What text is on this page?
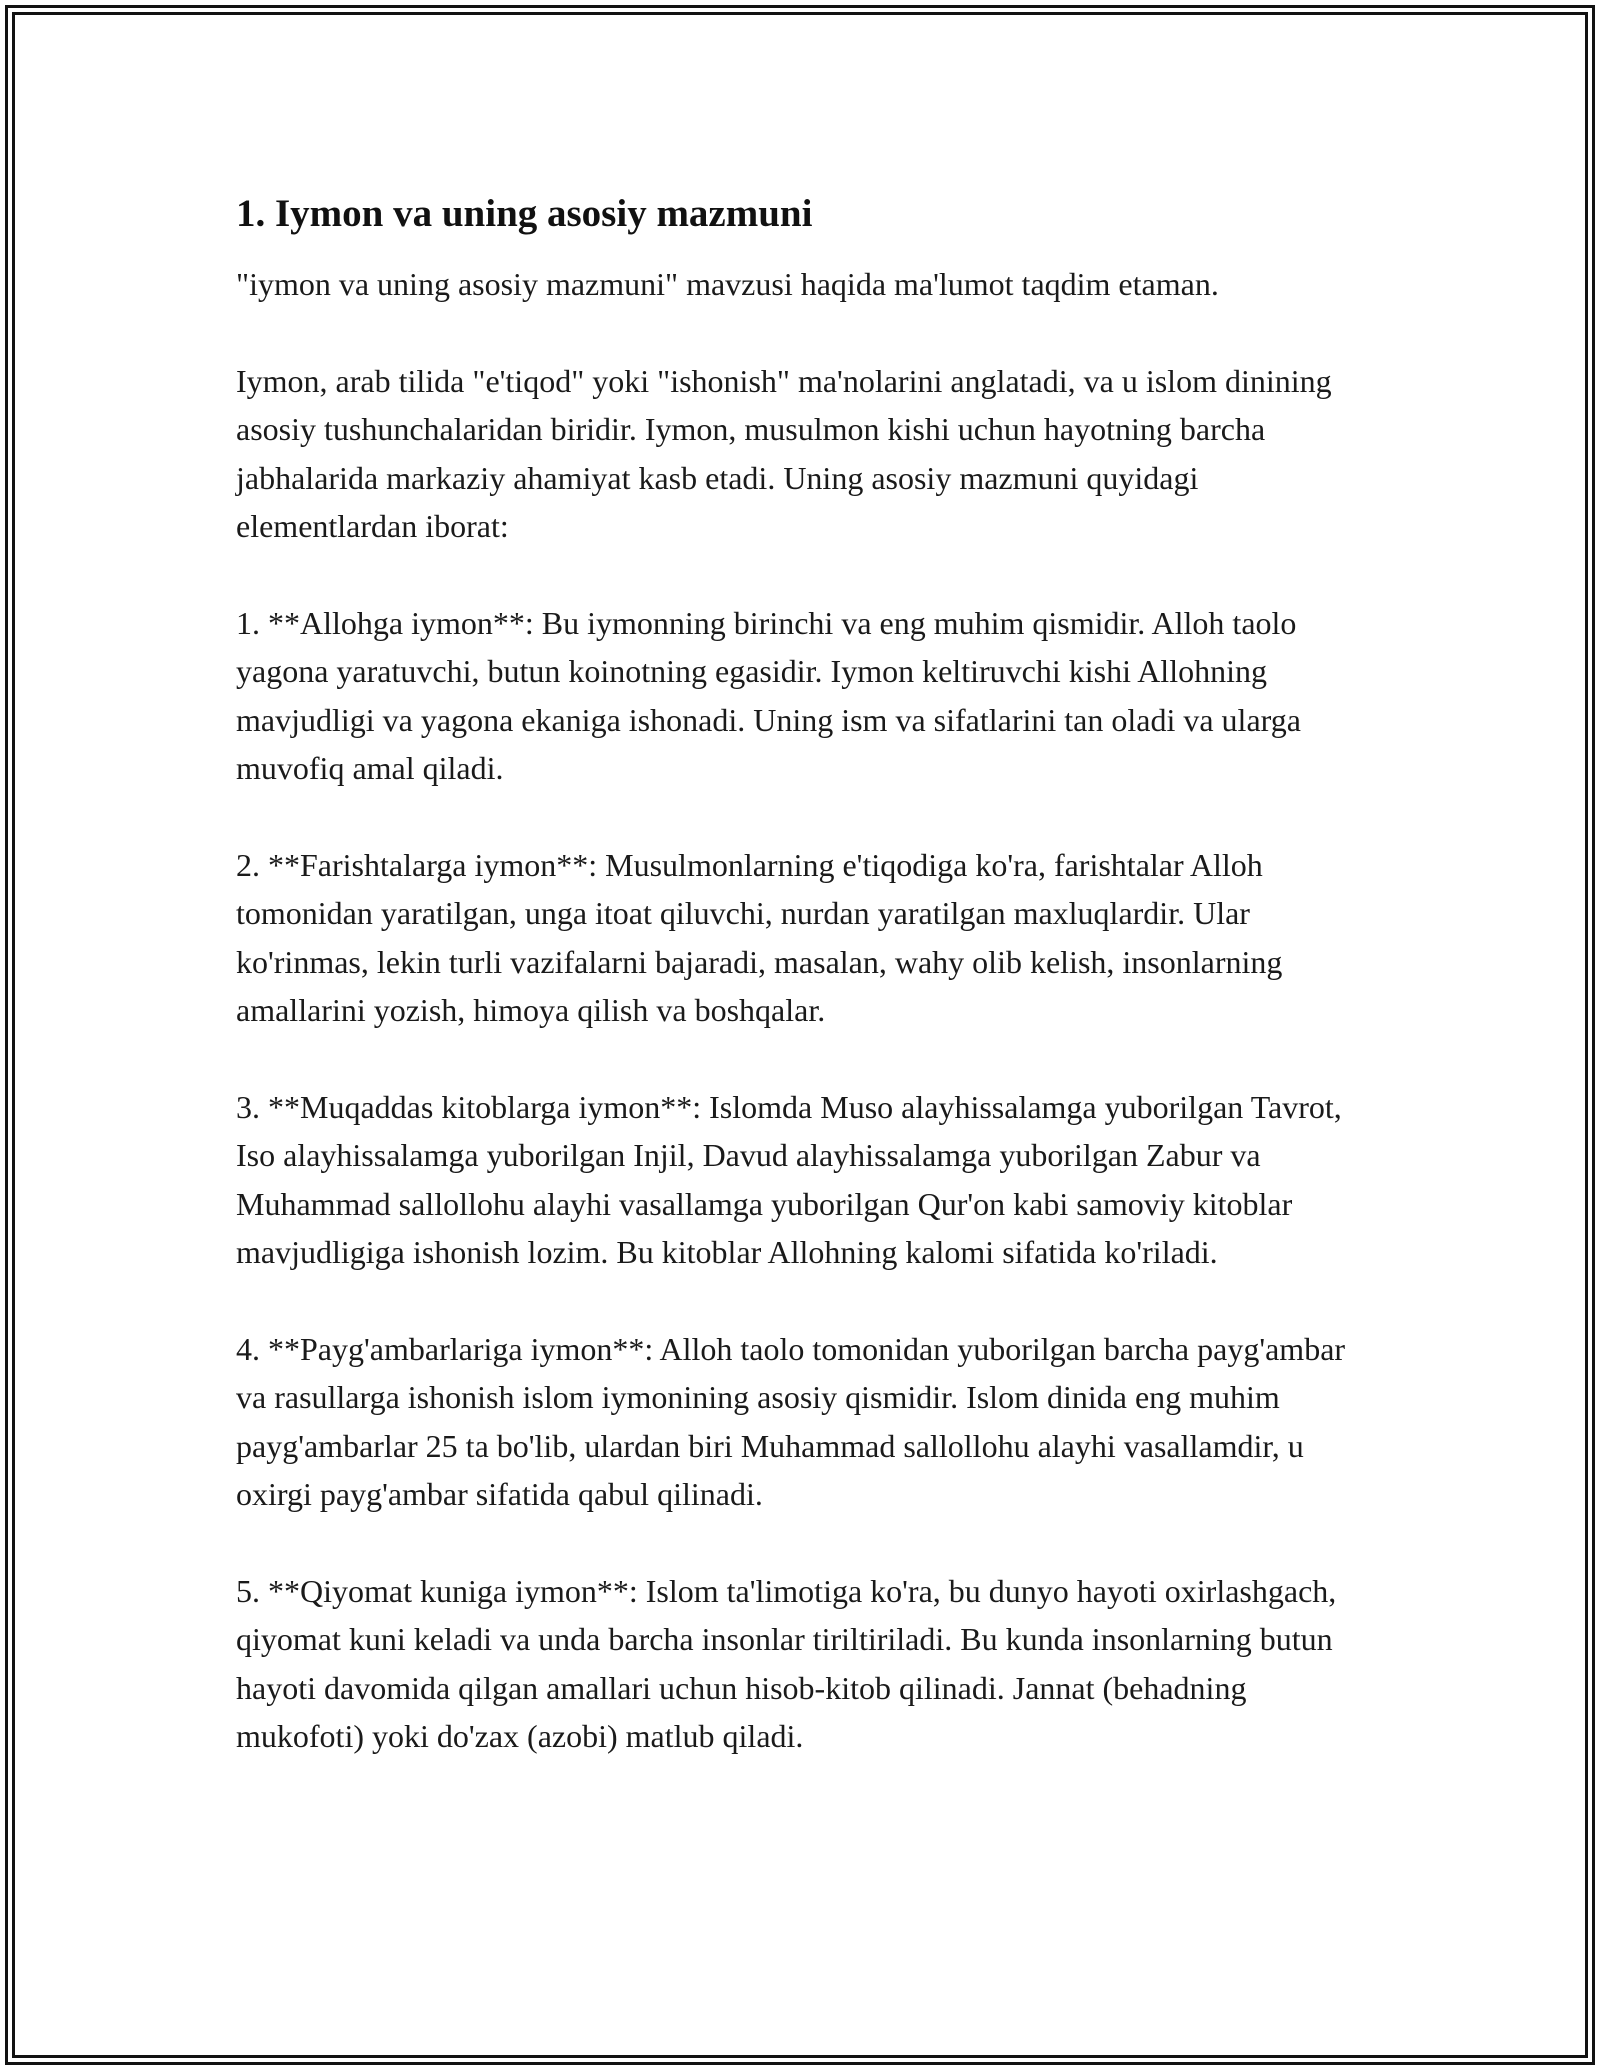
1. Iymon va uning asosiy mazmuni

"iymon va uning asosiy mazmuni" mavzusi haqida ma'lumot taqdim etaman.

Iymon, arab tilida "e'tiqod" yoki "ishonish" ma'nolarini anglatadi, va u islom dinining asosiy tushunchalaridan biridir. Iymon, musulmon kishi uchun hayotning barcha jabhalarida markaziy ahamiyat kasb etadi. Uning asosiy mazmuni quyidagi elementlardan iborat:

1. **Allohga iymon**: Bu iymonning birinchi va eng muhim qismidir. Alloh taolo yagona yaratuvchi, butun koinotning egasidir. Iymon keltiruvchi kishi Allohning mavjudligi va yagona ekaniga ishonadi. Uning ism va sifatlarini tan oladi va ularga muvofiq amal qiladi.

2. **Farishtalarga iymon**: Musulmonlarning e'tiqodiga ko'ra, farishtalar Alloh tomonidan yaratilgan, unga itoat qiluvchi, nurdan yaratilgan maxluqlardir. Ular ko'rinmas, lekin turli vazifalarni bajaradi, masalan, wahy olib kelish, insonlarning amallarini yozish, himoya qilish va boshqalar.

3. **Muqaddas kitoblarga iymon**: Islomda Muso alayhissalamga yuborilgan Tavrot, Iso alayhissalamga yuborilgan Injil, Davud alayhissalamga yuborilgan Zabur va Muhammad sallollohu alayhi vasallamga yuborilgan Qur'on kabi samoviy kitoblar mavjudligiga ishonish lozim. Bu kitoblar Allohning kalomi sifatida ko'riladi.

4. **Payg'ambarlariga iymon**: Alloh taolo tomonidan yuborilgan barcha payg'ambar va rasullarga ishonish islom iymonining asosiy qismidir. Islom dinida eng muhim payg'ambarlar 25 ta bo'lib, ulardan biri Muhammad sallollohu alayhi vasallamdir, u oxirgi payg'ambar sifatida qabul qilinadi.

5. **Qiyomat kuniga iymon**: Islom ta'limotiga ko'ra, bu dunyo hayoti oxirlashgach, qiyomat kuni keladi va unda barcha insonlar tiriltiriladi. Bu kunda insonlarning butun hayoti davomida qilgan amallari uchun hisob-kitob qilinadi. Jannat (behadning mukofoti) yoki do'zax (azobi) matlub qiladi.
